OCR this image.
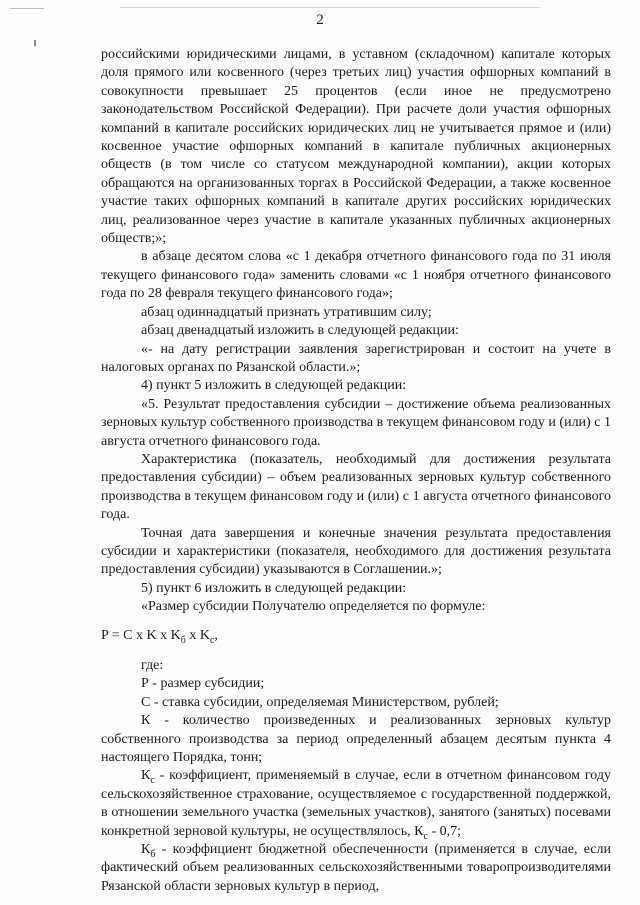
2

российскими юридическими лицами, в уставном (складочном) капитале которых доля прямого или косвенного (через третьих лиц) участия офшорных компаний в совокупности превышает 25 процентов (если иное не предусмотрено законодательством Российской Федерации). При расчете доли участия офшорных компаний в капитале российских юридических лиц не учитывается прямое и (или) косвенное участие офшорных компаний в капитале публичных акционерных обществ (в том числе со статусом международной компании), акции которых обращаются на организованных торгах в Российской Федерации, а также косвенное участие таких офшорных компаний в капитале других российских юридических лиц, реализованное через участие в капитале указанных публичных акционерных обществ;»;

в абзаце десятом слова «с 1 декабря отчетного финансового года по 31 июля текущего финансового года» заменить словами «с 1 ноября отчетного финансового года по 28 февраля текущего финансового года»;

абзац одиннадцатый признать утратившим силу;

абзац двенадцатый изложить в следующей редакции:

«- на дату регистрации заявления зарегистрирован и состоит на учете в налоговых органах по Рязанской области.»;

4) пункт 5 изложить в следующей редакции:

«5. Результат предоставления субсидии – достижение объема реализованных зерновых культур собственного производства в текущем финансовом году и (или) с 1 августа отчетного финансового года.

Характеристика (показатель, необходимый для достижения результата предоставления субсидии) – объем реализованных зерновых культур собственного производства в текущем финансовом году и (или) с 1 августа отчетного финансового года.

Точная дата завершения и конечные значения результата предоставления субсидии и характеристики (показателя, необходимого для достижения результата предоставления субсидии) указываются в Соглашении.»;

5) пункт 6 изложить в следующей редакции:

«Размер субсидии Получателю определяется по формуле:

P = C x K x $K_б$ x $K_c$,

где:

Р - размер субсидии;

С - ставка субсидии, определяемая Министерством, рублей;

К - количество произведенных и реализованных зерновых культур собственного производства за период определенный абзацем десятым пункта 4 настоящего Порядка, тонн;

$К_с$ - коэффициент, применяемый в случае, если в отчетном финансовом году сельскохозяйственное страхование, осуществляемое с государственной поддержкой, в отношении земельного участка (земельных участков), занятого (занятых) посевами конкретной зерновой культуры, не осуществлялось, $К_с - 0,7$;

$К_б$ - коэффициент бюджетной обеспеченности (применяется в случае, если фактический объем реализованных сельскохозяйственными товаропроизводителями Рязанской области зерновых культур в период,
